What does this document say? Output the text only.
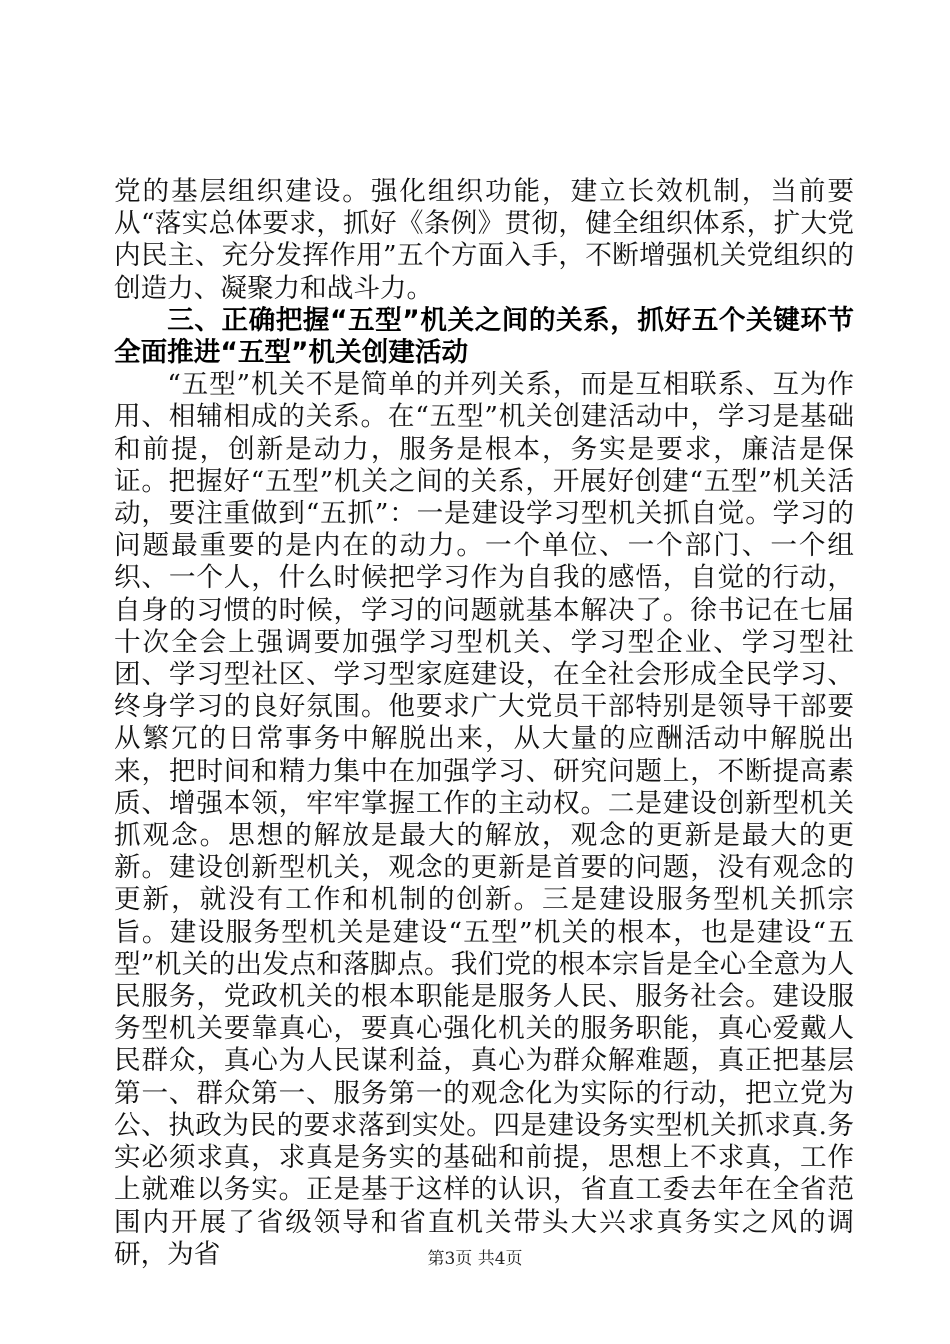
党的基层组织建设。强化组织功能，建立长效机制，当前要从“落实总体要求，抓好《条例》贯彻，健全组织体系，扩大党内民主、充分发挥作用”五个方面入手，不断增强机关党组织的创造力、凝聚力和战斗力。

三、正确把握“五型”机关之间的关系，抓好五个关键环节全面推进“五型”机关创建活动

“五型”机关不是简单的并列关系，而是互相联系、互为作用、相辅相成的关系。在“五型”机关创建活动中，学习是基础和前提，创新是动力，服务是根本，务实是要求，廉洁是保证。把握好“五型”机关之间的关系，开展好创建“五型”机关活动，要注重做到“五抓”：一是建设学习型机关抓自觉。学习的问题最重要的是内在的动力。一个单位、一个部门、一个组织、一个人，什么时候把学习作为自我的感悟，自觉的行动，自身的习惯的时候，学习的问题就基本解决了。徐书记在七届十次全会上强调要加强学习型机关、学习型企业、学习型社团、学习型社区、学习型家庭建设，在全社会形成全民学习、终身学习的良好氛围。他要求广大党员干部特别是领导干部要从繁冗的日常事务中解脱出来，从大量的应酬活动中解脱出来，把时间和精力集中在加强学习、研究问题上，不断提高素质、增强本领，牢牢掌握工作的主动权。二是建设创新型机关抓观念。思想的解放是最大的解放，观念的更新是最大的更新。建设创新型机关，观念的更新是首要的问题，没有观念的更新，就没有工作和机制的创新。三是建设服务型机关抓宗旨。建设服务型机关是建设“五型”机关的根本，也是建设“五型”机关的出发点和落脚点。我们党的根本宗旨是全心全意为人民服务，党政机关的根本职能是服务人民、服务社会。建设服务型机关要靠真心，要真心强化机关的服务职能，真心爱戴人民群众，真心为人民谋利益，真心为群众解难题，真正把基层第一、群众第一、服务第一的观念化为实际的行动，把立党为公、执政为民的要求落到实处。四是建设务实型机关抓求真.务实必须求真，求真是务实的基础和前提，思想上不求真，工作上就难以务实。正是基于这样的认识，省直工委去年在全省范围内开展了省级领导和省直机关带头大兴求真务实之风的调研，为省	第3页 共4页
